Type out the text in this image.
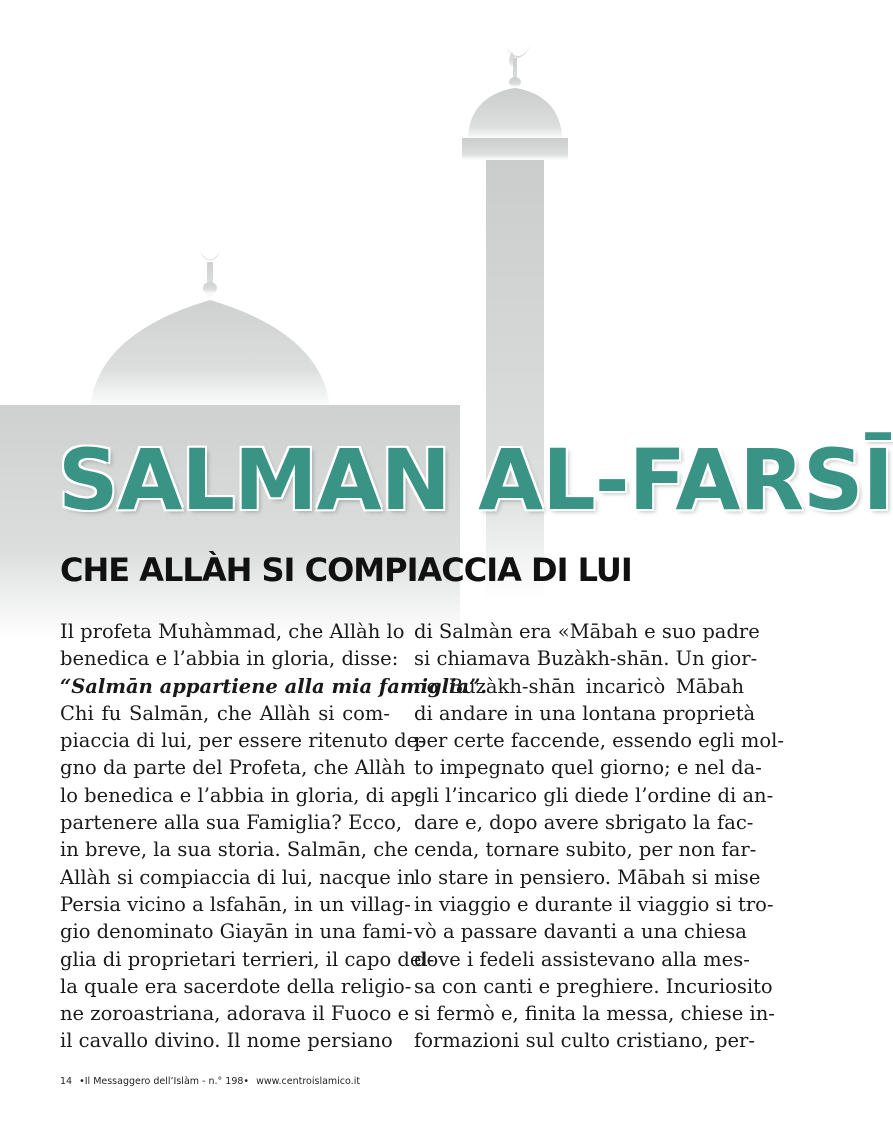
SALMAN AL-FARSĪ
CHE ALLÀH SI COMPIACCIA DI LUI
Il profeta Muhàmmad, che Allàh lo
benedica e l’abbia in gloria, disse:
“Salmān appartiene alla mia famiglia”.
Chi fu Salmān, che Allàh si com-
piaccia di lui, per essere ritenuto de-
gno da parte del Profeta, che Allàh
lo benedica e l’abbia in gloria, di ap-
partenere alla sua Famiglia? Ecco,
in breve, la sua storia. Salmān, che
Allàh si compiaccia di lui, nacque in
Persia vicino a lsfahān, in un villag-
gio denominato Giayān in una fami-
glia di proprietari terrieri, il capo del-
la quale era sacerdote della religio-
ne zoroastriana, adorava il Fuoco e
il cavallo divino. Il nome persiano
di Salmàn era «Mābah e suo padre
si chiamava Buzàkh-shān. Un gior-
no Buzàkh-shān incaricò Mābah
di andare in una lontana proprietà
per certe faccende, essendo egli mol-
to impegnato quel giorno; e nel da-
gli l’incarico gli diede l’ordine di an-
dare e, dopo avere sbrigato la fac-
cenda, tornare subito, per non far-
lo stare in pensiero. Mābah si mise
in viaggio e durante il viaggio si tro-
vò a passare davanti a una chiesa
dove i fedeli assistevano alla mes-
sa con canti e preghiere. Incuriosito
si fermò e, finita la messa, chiese in-
formazioni sul culto cristiano, per-
14 •Il Messaggero dell’Islàm - n.° 198• www.centroislamico.it
